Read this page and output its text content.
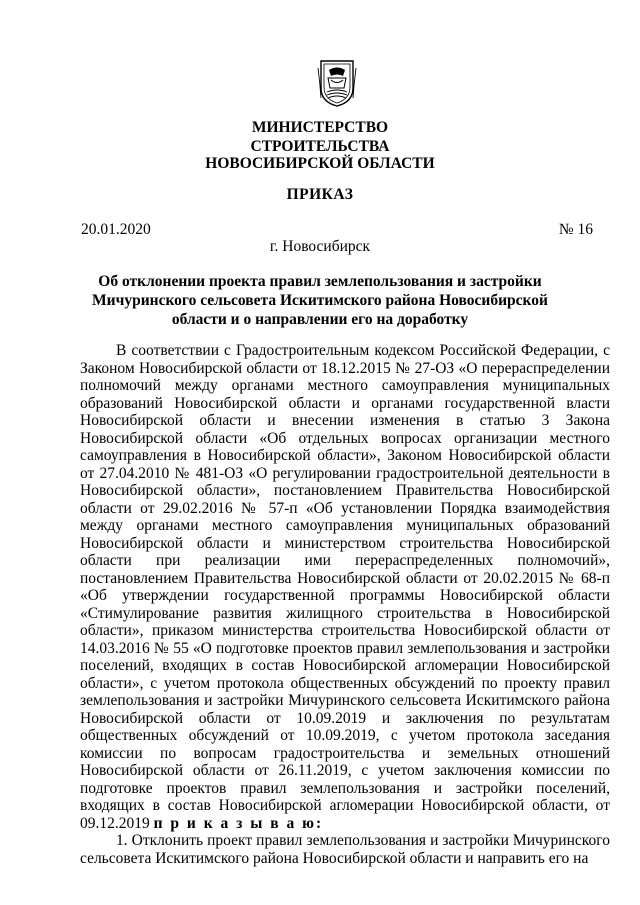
МИНИСТЕРСТВО
СТРОИТЕЛЬСТВА
НОВОСИБИРСКОЙ ОБЛАСТИ
ПРИКАЗ
20.01.2020	№ 16
г. Новосибирск
Об отклонении проекта правил землепользования и застройки Мичуринского сельсовета Искитимского района Новосибирской области и о направлении его на доработку

В соответствии с Градостроительным кодексом Российской Федерации, с Законом Новосибирской области от 18.12.2015 № 27-ОЗ «О перераспределении полномочий между органами местного самоуправления муниципальных образований Новосибирской области и органами государственной власти Новосибирской области и внесении изменения в статью 3 Закона Новосибирской области «Об отдельных вопросах организации местного самоуправления в Новосибирской области», Законом Новосибирской области от 27.04.2010 № 481-ОЗ «О регулировании градостроительной деятельности в Новосибирской области», постановлением Правительства Новосибирской области от 29.02.2016 № 57-п «Об установлении Порядка взаимодействия между органами местного самоуправления муниципальных образований Новосибирской области и министерством строительства Новосибирской области при реализации ими перераспределенных полномочий», постановлением Правительства Новосибирской области от 20.02.2015 № 68-п «Об утверждении государственной программы Новосибирской области «Стимулирование развития жилищного строительства в Новосибирской области», приказом министерства строительства Новосибирской области от 14.03.2016 № 55 «О подготовке проектов правил землепользования и застройки поселений, входящих в состав Новосибирской агломерации Новосибирской области», с учетом протокола общественных обсуждений по проекту правил землепользования и застройки Мичуринского сельсовета Искитимского района Новосибирской области от 10.09.2019 и заключения по результатам общественных обсуждений от 10.09.2019, с учетом протокола заседания комиссии по вопросам градостроительства и земельных отношений Новосибирской области от 26.11.2019, с учетом заключения комиссии по подготовке проектов правил землепользования и застройки поселений, входящих в состав Новосибирской агломерации Новосибирской области, от 09.12.2019 п р и к а з ы в а ю:

1. Отклонить проект правил землепользования и застройки Мичуринского сельсовета Искитимского района Новосибирской области и направить его на
